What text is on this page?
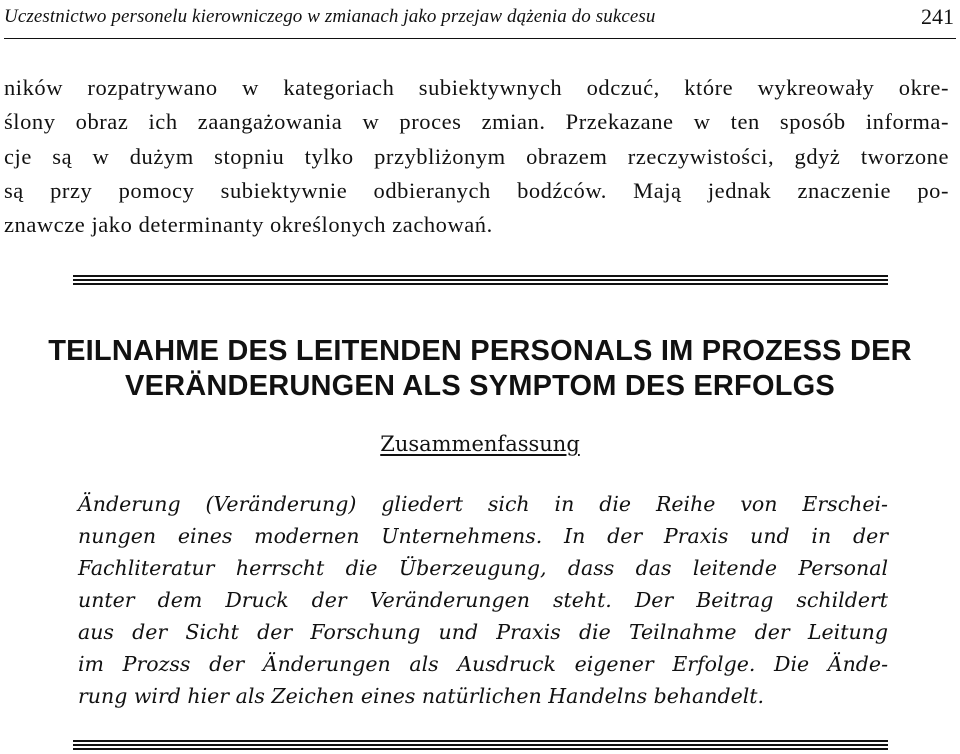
Uczestnictwo personelu kierowniczego w zmianach jako przejaw dążenia do sukcesu	241

ników rozpatrywano w kategoriach subiektywnych odczuć, które wykreowały okre-
ślony obraz ich zaangażowania w proces zmian. Przekazane w ten sposób informa-
cje są w dużym stopniu tylko przybliżonym obrazem rzeczywistości, gdyż tworzone
są przy pomocy subiektywnie odbieranych bodźców. Mają jednak znaczenie po-
znawcze jako determinanty określonych zachowań.

TEILNAHME DES LEITENDEN PERSONALS IM PROZESS DER
VERÄNDERUNGEN ALS SYMPTOM DES ERFOLGS
Zusammenfassung

Änderung (Veränderung) gliedert sich in die Reihe von Erschei-
nungen eines modernen Unternehmens. In der Praxis und in der
Fachliteratur herrscht die Überzeugung, dass das leitende Personal
unter dem Druck der Veränderungen steht. Der Beitrag schildert
aus der Sicht der Forschung und Praxis die Teilnahme der Leitung
im Prozss der Änderungen als Ausdruck eigener Erfolge. Die Ände-
rung wird hier als Zeichen eines natürlichen Handelns behandelt.
